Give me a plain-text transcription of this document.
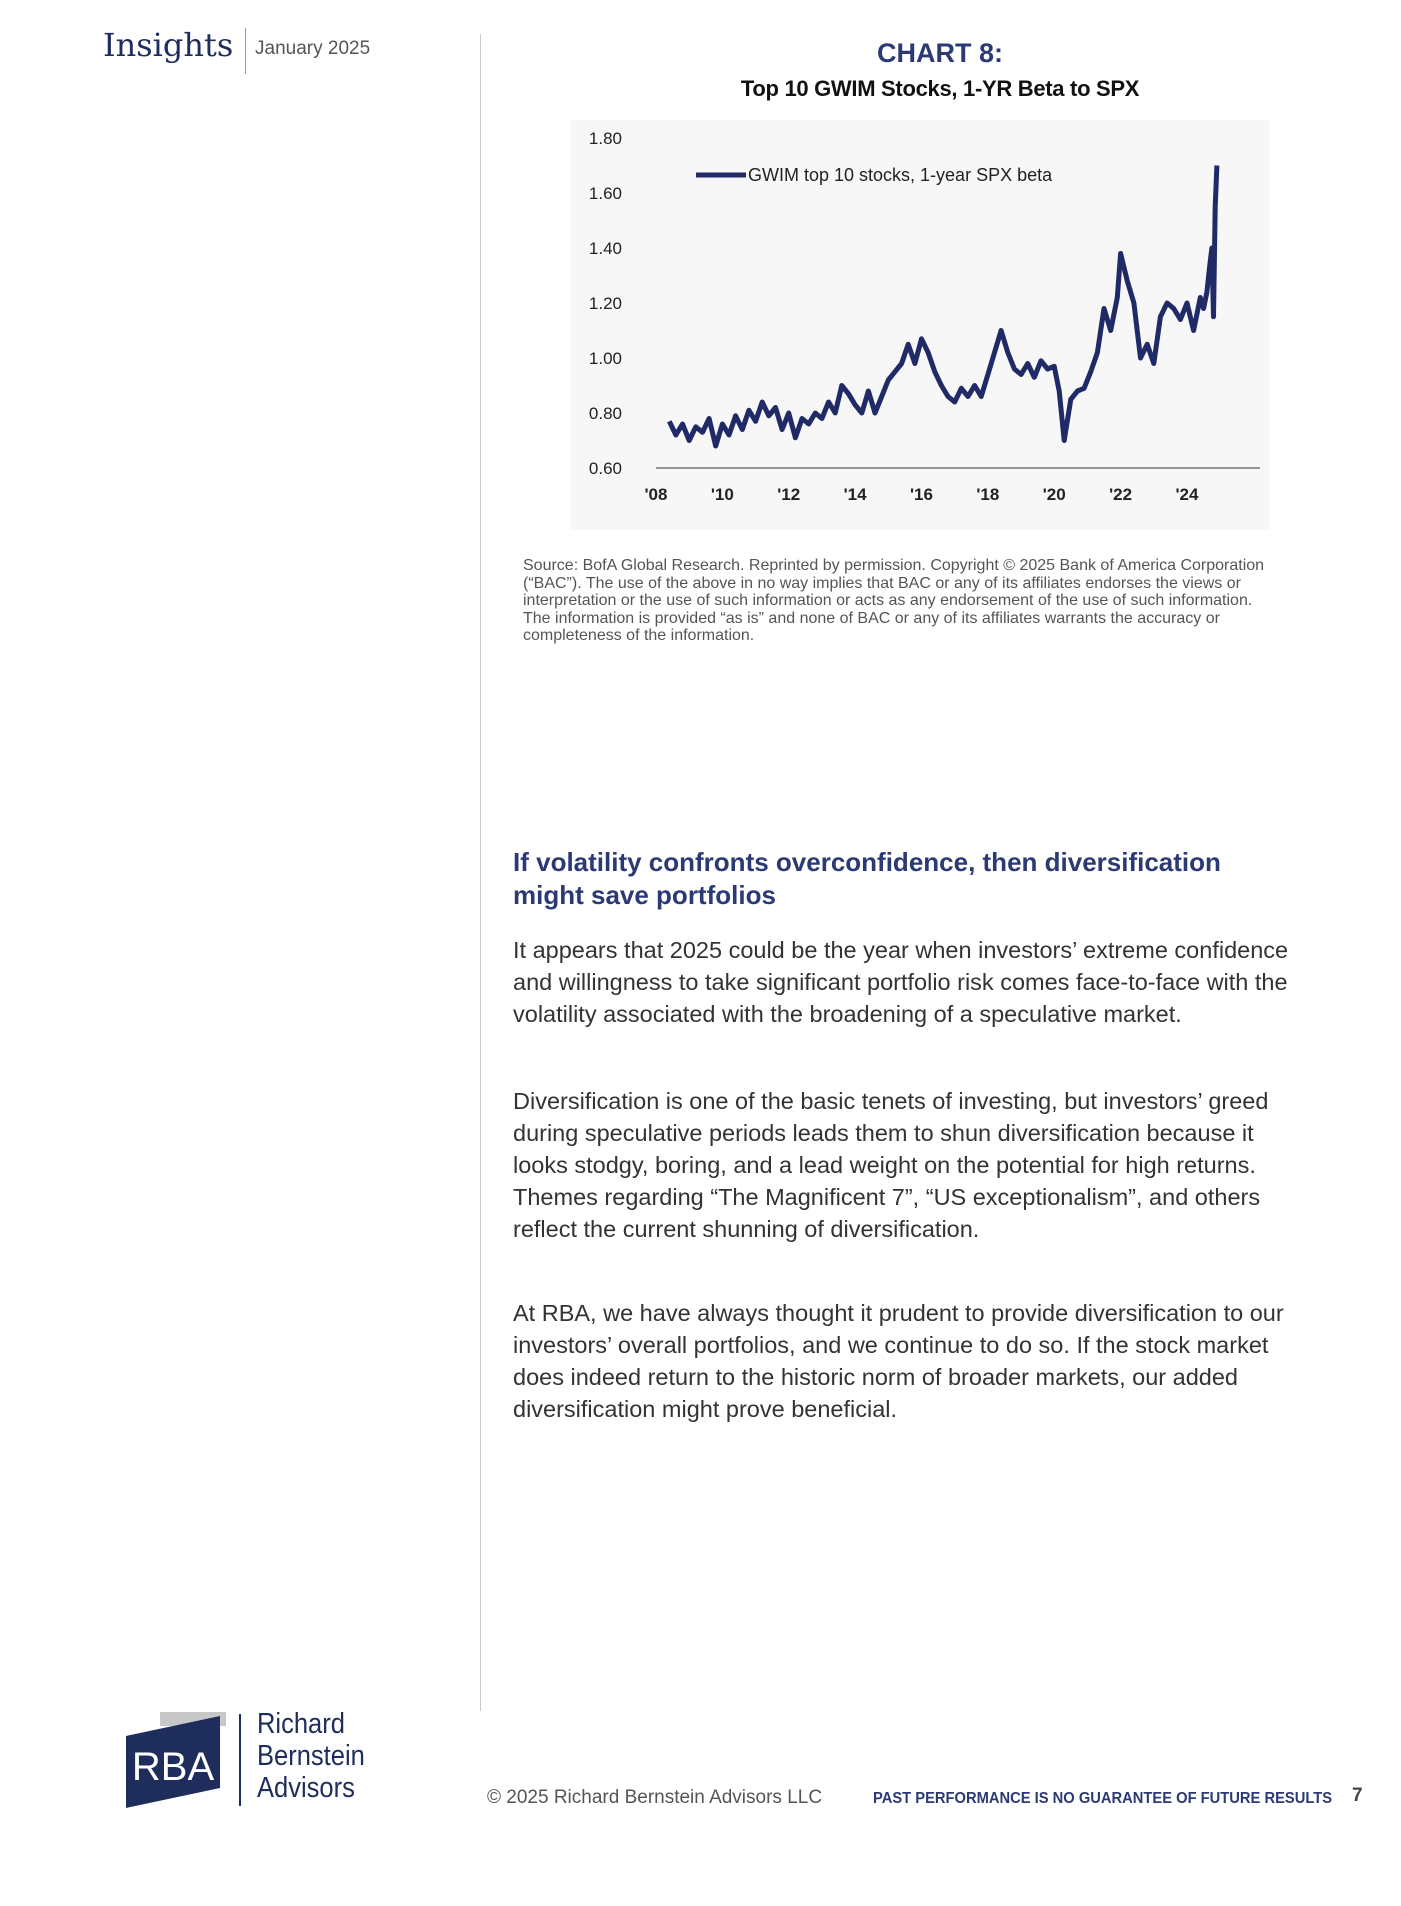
Insights January 2025	CHART 8:
Top 10 GWIM Stocks, 1-YR Beta to SPX
0.60
0.80
1.00
1.20
1.40
1.60
1.80
'08	'10	'12	'14	'16	'18	'20	'22	'24
GWIM top 10 stocks, 1-year SPX beta
Source: BofA Global Research. Reprinted by permission. Copyright © 2025 Bank of America Corporation (“BAC”). The use of the above in no way implies that BAC or any of its affiliates endorses the views or interpretation or the use of such information or acts as any endorsement of the use of such information. The information is provided “as is” and none of BAC or any of its affiliates warrants the accuracy or completeness of the information.
If volatility confronts overconfidence, then diversification might save portfolios

It appears that 2025 could be the year when investors’ extreme confidence and willingness to take significant portfolio risk comes face-to-face with the volatility associated with the broadening of a speculative market.

Diversification is one of the basic tenets of investing, but investors’ greed during speculative periods leads them to shun diversification because it looks stodgy, boring, and a lead weight on the potential for high returns. Themes regarding “The Magnificent 7”, “US exceptionalism”, and others reflect the current shunning of diversification.

At RBA, we have always thought it prudent to provide diversification to our investors’ overall portfolios, and we continue to do so. If the stock market does indeed return to the historic norm of broader markets, our added diversification might prove beneficial.

RBA
Richard
Bernstein
Advisors	© 2025 Richard Bernstein Advisors LLC	PAST PERFORMANCE IS NO GUARANTEE OF FUTURE RESULTS 7
